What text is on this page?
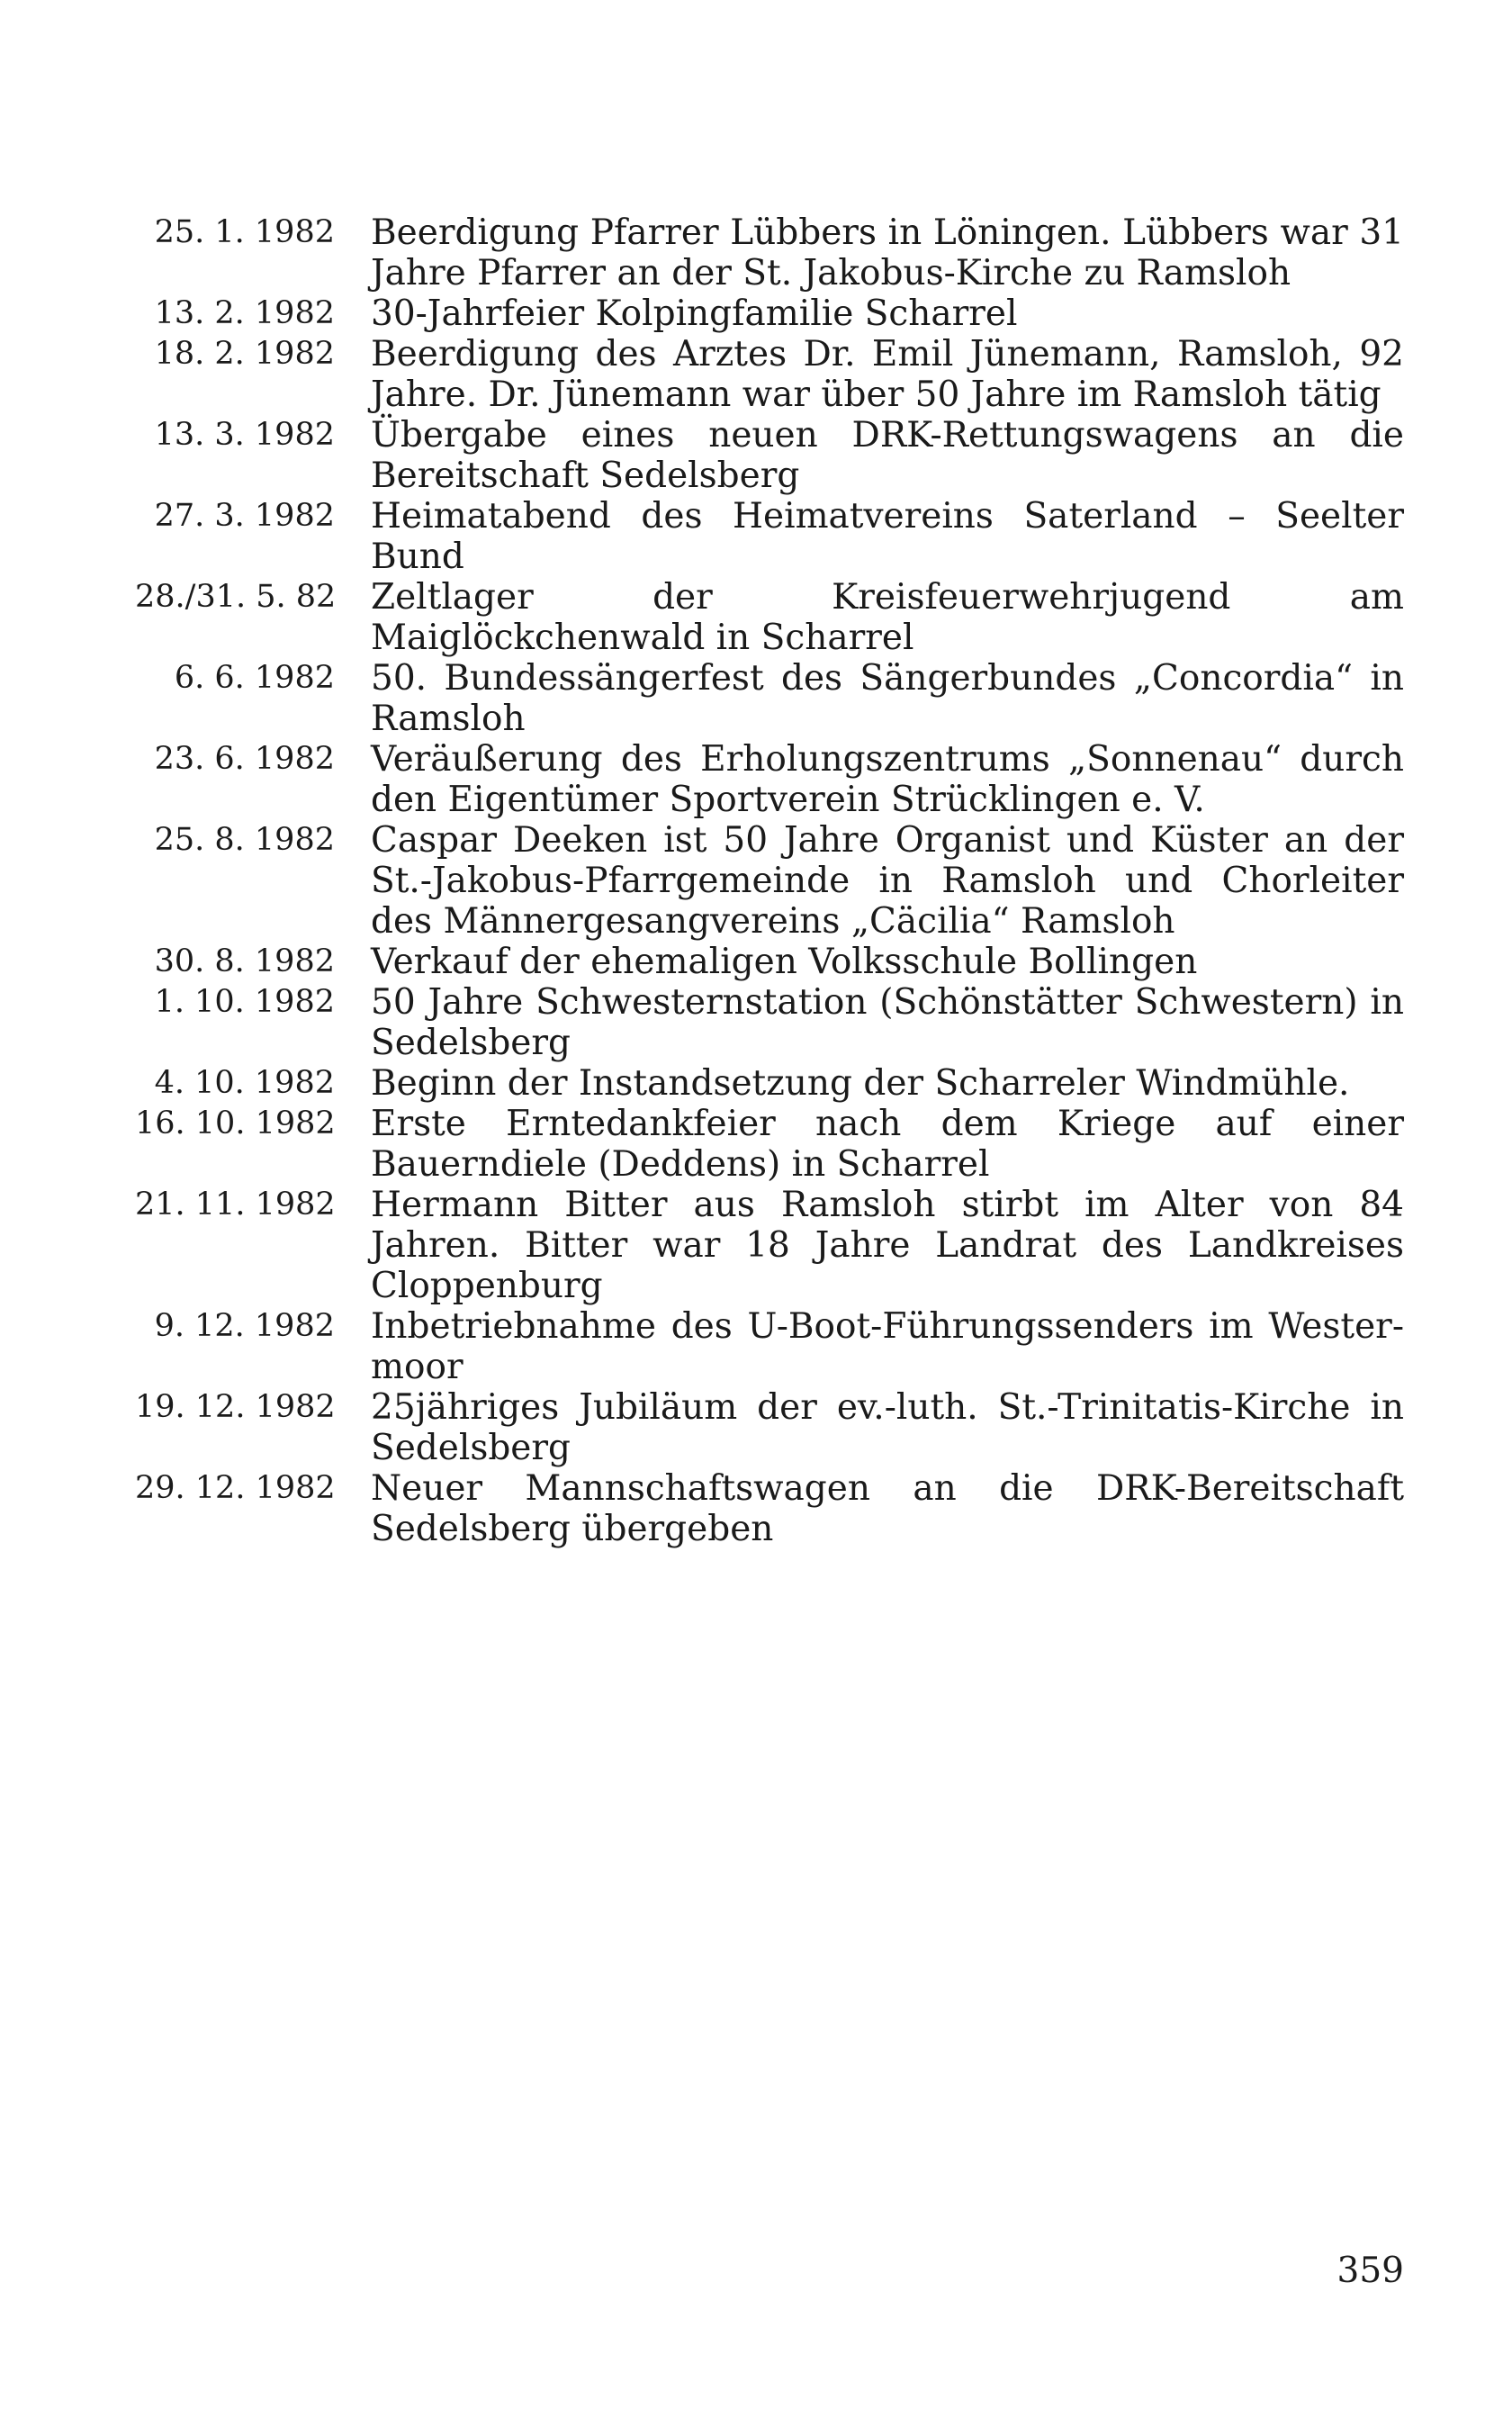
25. 1. 1982 Beerdigung Pfarrer Lübbers in Löningen. Lübbers war 31 Jahre Pfarrer an der St. Jakobus-Kirche zu Ramsloh
13. 2. 1982 30-Jahrfeier Kolpingfamilie Scharrel
18. 2. 1982 Beerdigung des Arztes Dr. Emil Jünemann, Ramsloh, 92 Jahre. Dr. Jünemann war über 50 Jahre im Ramsloh tätig
13. 3. 1982 Übergabe eines neuen DRK-Rettungswagens an die Bereitschaft Sedelsberg
27. 3. 1982 Heimatabend des Heimatvereins Saterland – Seelter Bund
28./31. 5. 82 Zeltlager der Kreisfeuerwehrjugend am Maiglöckchenwald in Scharrel
6. 6. 1982 50. Bundessängerfest des Sängerbundes „Concordia“ in Ramsloh
23. 6. 1982 Veräußerung des Erholungszentrums „Sonnenau“ durch den Eigentümer Sportverein Strücklingen e. V.
25. 8. 1982 Caspar Deeken ist 50 Jahre Organist und Küster an der St.-Jakobus-Pfarrgemeinde in Ramsloh und Chorleiter des Männergesangvereins „Cäcilia“ Ramsloh
30. 8. 1982 Verkauf der ehemaligen Volksschule Bollingen
1. 10. 1982 50 Jahre Schwesternstation (Schönstätter Schwestern) in Sedelsberg
4. 10. 1982 Beginn der Instandsetzung der Scharreler Windmühle.
16. 10. 1982 Erste Erntedankfeier nach dem Kriege auf einer Bauerndiele (Deddens) in Scharrel
21. 11. 1982 Hermann Bitter aus Ramsloh stirbt im Alter von 84 Jahren. Bitter war 18 Jahre Landrat des Landkreises Cloppenburg
9. 12. 1982 Inbetriebnahme des U-Boot-Führungssenders im Westermoor
19. 12. 1982 25jähriges Jubiläum der ev.-luth. St.-Trinitatis-Kirche in Sedelsberg
29. 12. 1982 Neuer Mannschaftswagen an die DRK-Bereitschaft Sedelsberg übergeben
359
